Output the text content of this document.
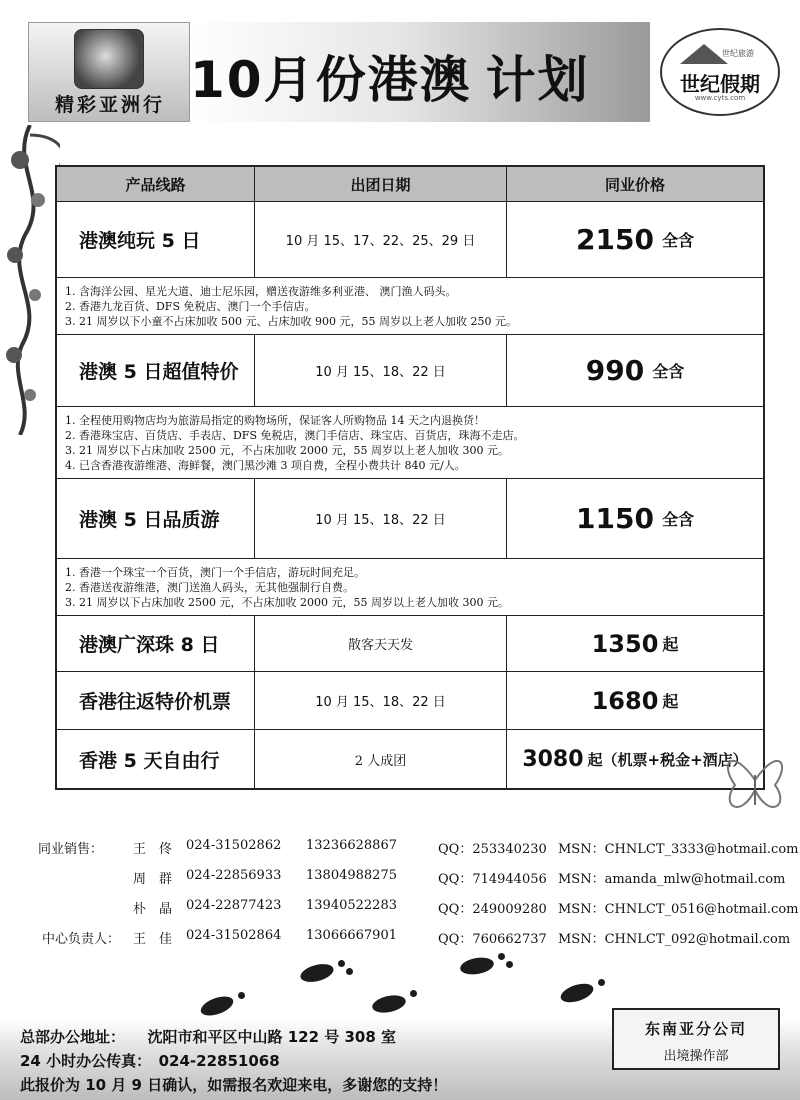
精彩亚洲行 10月份港澳 计划	世纪旅游
世纪假期
www.cyts.com
产品线路	出团日期	同业价格
港澳纯玩 5 日	10 月 15、17、22、25、29 日	2150 全含
1. 含海洋公园、星光大道、迪士尼乐园，赠送夜游维多利亚港、 澳门渔人码头。
2. 香港九龙百货、DFS 免税店、澳门一个手信店。
3. 21 周岁以下小童不占床加收 500 元、占床加收 900 元，55 周岁以上老人加收 250 元。
港澳 5 日超值特价	10 月 15、18、22 日	990 全含
1. 全程使用购物店均为旅游局指定的购物场所，保证客人所购物品 14 天之内退换货！
2. 香港珠宝店、百货店、手表店、DFS 免税店，澳门手信店、珠宝店、百货店，珠海不走店。
3. 21 周岁以下占床加收 2500 元，不占床加收 2000 元，55 周岁以上老人加收 300 元。
4. 已含香港夜游维港、海鲜餐，澳门黑沙滩 3 项自费，全程小费共计 840 元/人。
港澳 5 日品质游	10 月 15、18、22 日	1150 全含
1. 香港一个珠宝一个百货，澳门一个手信店，游玩时间充足。
2. 香港送夜游维港，澳门送渔人码头，无其他强制行自费。
3. 21 周岁以下占床加收 2500 元，不占床加收 2000 元，55 周岁以上老人加收 300 元。
港澳广深珠 8 日	散客天天发	1350 起
香港往返特价机票	10 月 15、18、22 日	1680 起
香港 5 天自由行	2 人成团	3080 起（机票+税金+酒店）
同业销售： 王　佟 024-31502862 13236628867	QQ：253340230 MSN：CHNLCT_3333@hotmail.com
周　群 024-22856933 13804988275	QQ：714944056 MSN：amanda_mlw@hotmail.com
朴　晶 024-22877423 13940522283	QQ：249009280 MSN：CHNLCT_0516@hotmail.com
中心负责人： 王　佳 024-31502864 13066667901	QQ：760662737 MSN：CHNLCT_092@hotmail.com
总部办公地址：　　沈阳市和平区中山路 122 号 308 室
24 小时办公传真：　024-22851068
此报价为 10 月 9 日确认，如需报名欢迎来电，多谢您的支持！
东南亚分公司
出境操作部
